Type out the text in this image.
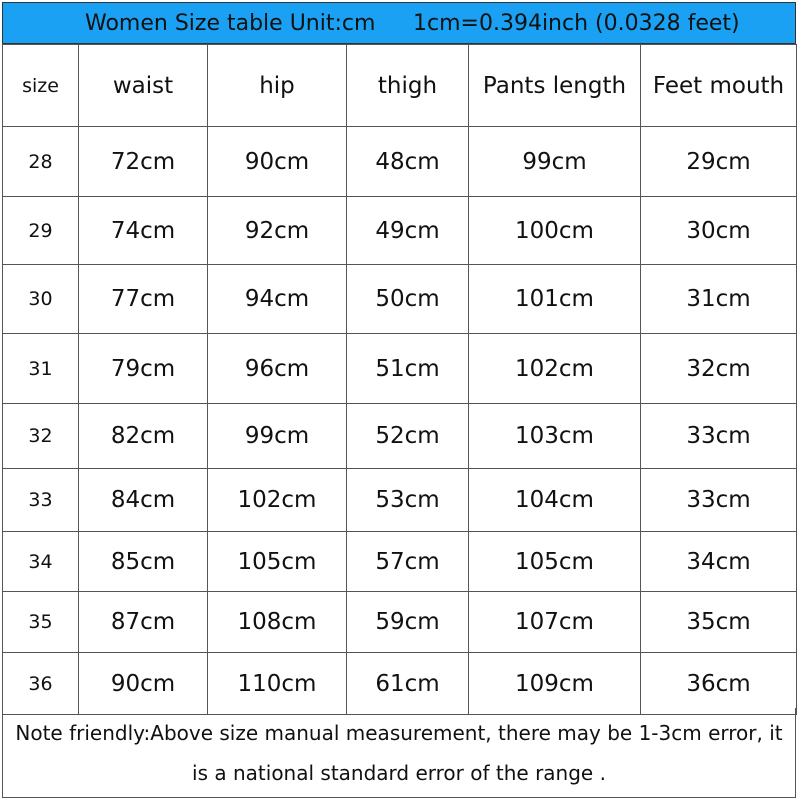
Women Size table Unit:cm 1cm=0.394inch (0.0328 feet)
size	waist	hip	thigh	Pants length	Feet mouth
28	72cm	90cm	48cm	99cm	29cm
29	74cm	92cm	49cm	100cm	30cm
30	77cm	94cm	50cm	101cm	31cm
31	79cm	96cm	51cm	102cm	32cm
32	82cm	99cm	52cm	103cm	33cm
33	84cm	102cm	53cm	104cm	33cm
34	85cm	105cm	57cm	105cm	34cm
35	87cm	108cm	59cm	107cm	35cm
36	90cm	110cm	61cm	109cm	36cm
Note friendly:Above size manual measurement, there may be 1-3cm error, it
is a national standard error of the range .
